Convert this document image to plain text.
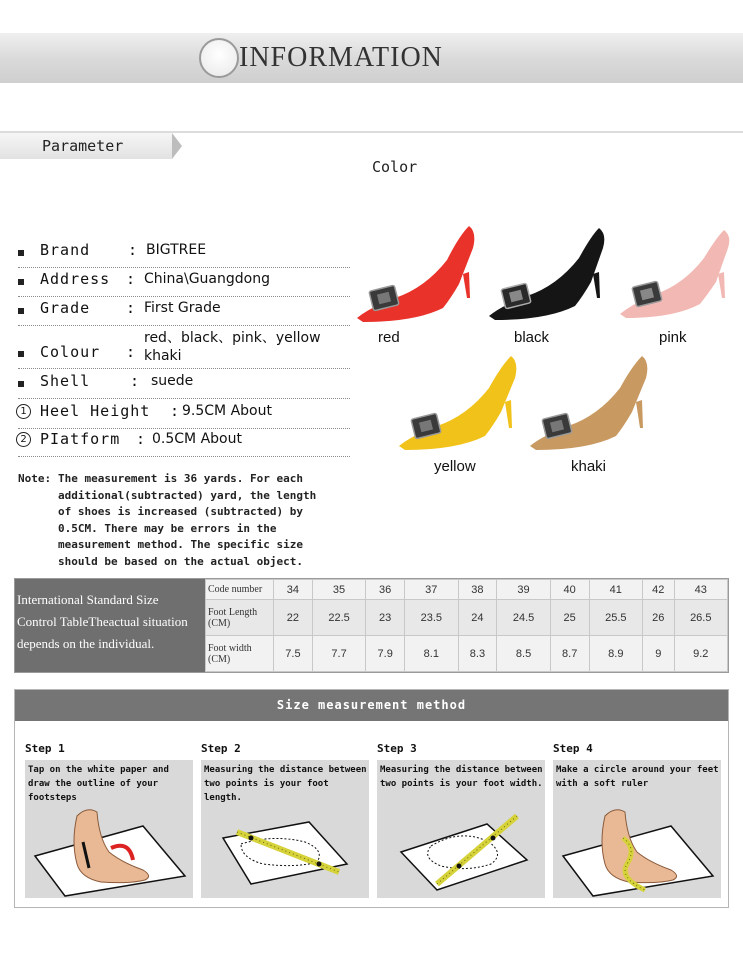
INFORMATION
Parameter
Color
Brand	: BIGTREE
Address : China\Guangdong
Grade : First Grade
Colour :
red、black、pink、yellow
khaki
Shell	: suede
1 Heel Height : 9.5CM About
2 PIatform : 0.5CM About
Note: The measurement is 36 yards. For each
additional(subtracted) yard, the length
of shoes is increased (subtracted) by
0.5CM. There may be errors in the
measurement method. The specific size
should be based on the actual object.
red	black	pink
yellow	khaki
International Standard Size
Control TableTheactual situation
depends on the individual.
Code number	34	35	36	37	38	39	40	41	42	43
Foot Length (CM)	22	22.5	23	23.5	24	24.5	25	25.5	26	26.5
Foot width (CM)	7.5	7.7	7.9	8.1	8.3	8.5	8.7	8.9	9	9.2
Size measurement method
Step 1
Tap on the white paper and draw the outline of your footsteps
Step 2
Measuring the distance between two points is your foot length.
Step 3
Measuring the distance between two points is your foot width.
Step 4
Make a circle around your feet with a soft ruler
